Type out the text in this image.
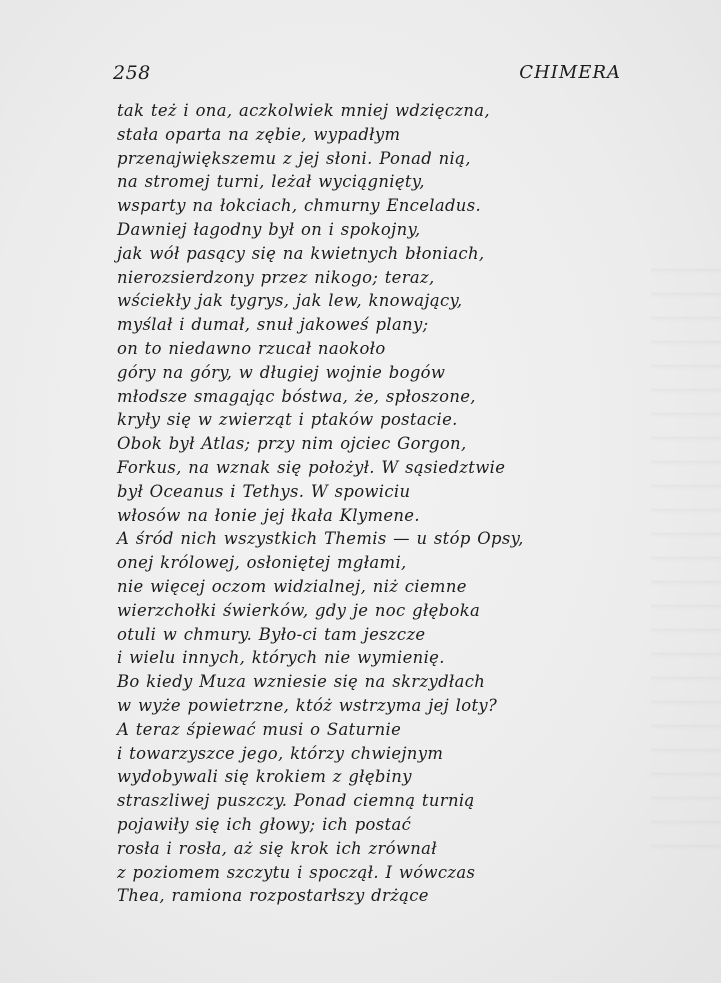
258	CHIMERA
tak też i ona, aczkolwiek mniej wdzięczna,
stała oparta na zębie, wypadłym
przenajwiększemu z jej słoni. Ponad nią,
na stromej turni, leżał wyciągnięty,
wsparty na łokciach, chmurny Enceladus.
Dawniej łagodny był on i spokojny,
jak wół pasący się na kwietnych błoniach,
nierozsierdzony przez nikogo; teraz,
wściekły jak tygrys, jak lew, knowający,
myślał i dumał, snuł jakoweś plany;
on to niedawno rzucał naokoło
góry na góry, w długiej wojnie bogów
młodsze smagając bóstwa, że, spłoszone,
kryły się w zwierząt i ptaków postacie.
Obok był Atlas; przy nim ojciec Gorgon,
Forkus, na wznak się położył. W sąsiedztwie
był Oceanus i Tethys. W spowiciu
włosów na łonie jej łkała Klymene.
A śród nich wszystkich Themis — u stóp Opsy,
onej królowej, osłoniętej mgłami,
nie więcej oczom widzialnej, niż ciemne
wierzchołki świerków, gdy je noc głęboka
otuli w chmury. Było-ci tam jeszcze
i wielu innych, których nie wymienię.
Bo kiedy Muza wzniesie się na skrzydłach
w wyże powietrzne, któż wstrzyma jej loty?
A teraz śpiewać musi o Saturnie
i towarzyszce jego, którzy chwiejnym
wydobywali się krokiem z głębiny
straszliwej puszczy. Ponad ciemną turnią
pojawiły się ich głowy; ich postać
rosła i rosła, aż się krok ich zrównał
z poziomem szczytu i spoczął. I wówczas
Thea, ramiona rozpostarłszy drżące
